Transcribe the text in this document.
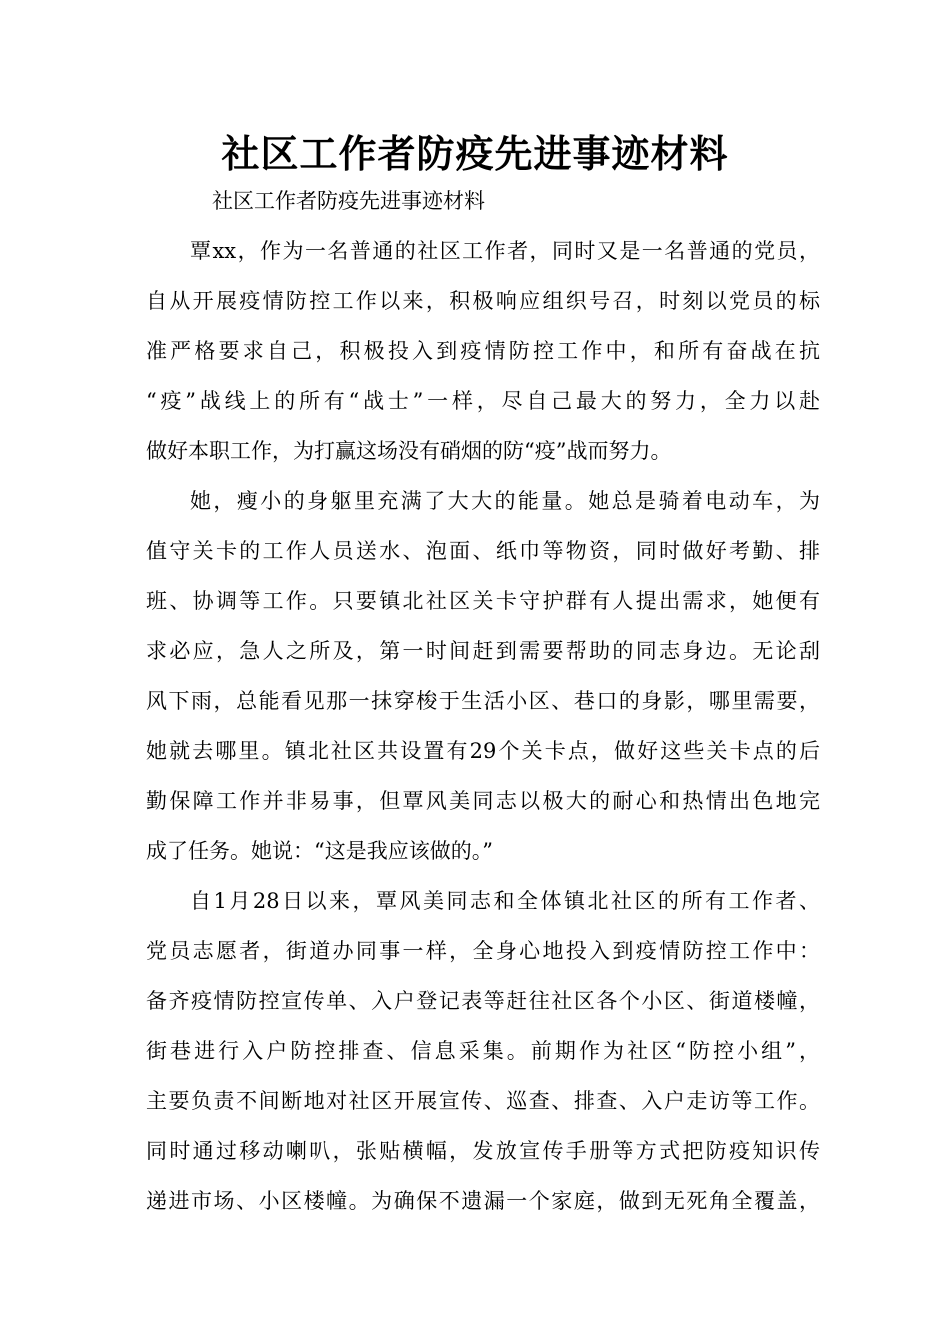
社区工作者防疫先进事迹材料
社区工作者防疫先进事迹材料
覃xx，作为一名普通的社区工作者，同时又是一名普通的党员，
自从开展疫情防控工作以来，积极响应组织号召，时刻以党员的标
准严格要求自己，积极投入到疫情防控工作中，和所有奋战在抗
“疫”战线上的所有“战士”一样，尽自己最大的努力，全力以赴
做好本职工作，为打赢这场没有硝烟的防“疫”战而努力。
她，瘦小的身躯里充满了大大的能量。她总是骑着电动车，为
值守关卡的工作人员送水、泡面、纸巾等物资，同时做好考勤、排
班、协调等工作。只要镇北社区关卡守护群有人提出需求，她便有
求必应，急人之所及，第一时间赶到需要帮助的同志身边。无论刮
风下雨，总能看见那一抹穿梭于生活小区、巷口的身影，哪里需要，
她就去哪里。镇北社区共设置有29个关卡点，做好这些关卡点的后
勤保障工作并非易事，但覃风美同志以极大的耐心和热情出色地完
成了任务。她说：“这是我应该做的。”
自1月28日以来，覃风美同志和全体镇北社区的所有工作者、
党员志愿者，街道办同事一样，全身心地投入到疫情防控工作中：
备齐疫情防控宣传单、入户登记表等赶往社区各个小区、街道楼幢，
街巷进行入户防控排查、信息采集。前期作为社区“防控小组”，
主要负责不间断地对社区开展宣传、巡查、排查、入户走访等工作。
同时通过移动喇叭，张贴横幅，发放宣传手册等方式把防疫知识传
递进市场、小区楼幢。为确保不遗漏一个家庭，做到无死角全覆盖，
